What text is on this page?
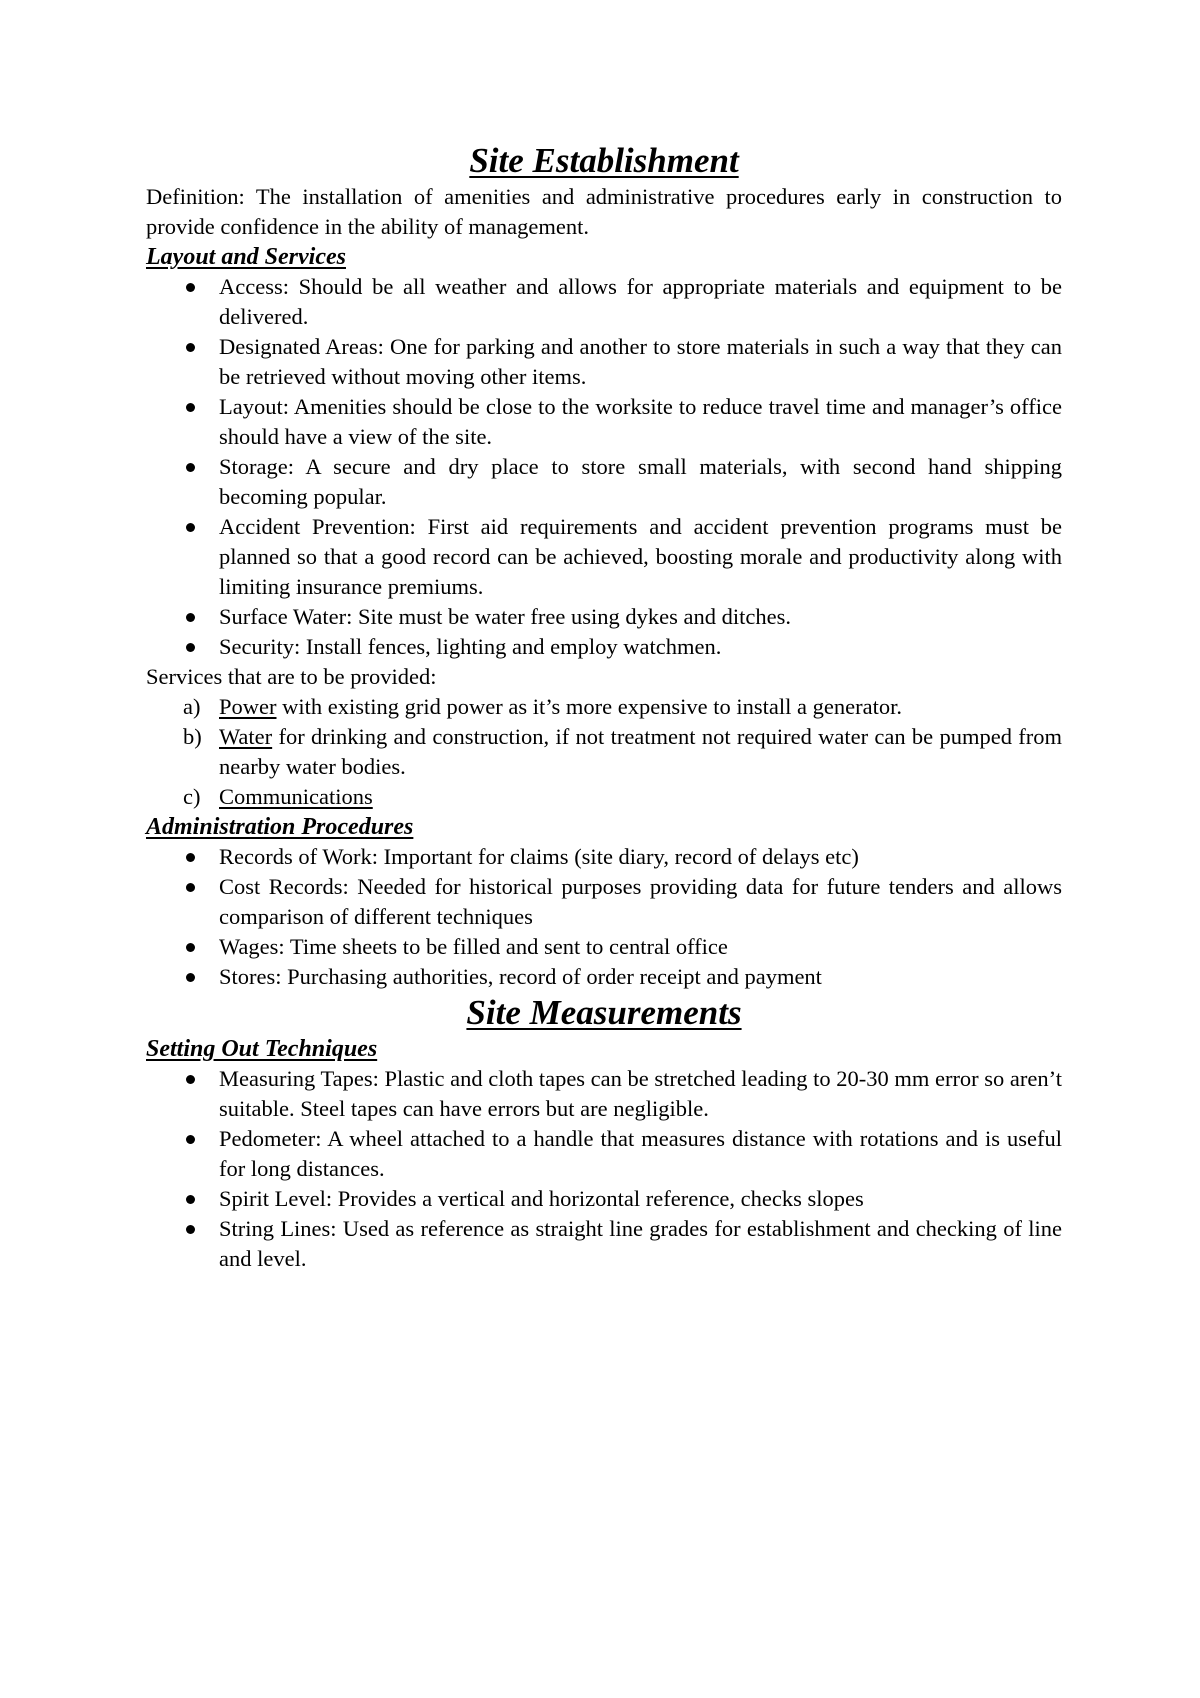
Site Establishment

Definition: The installation of amenities and administrative procedures early in construction to provide confidence in the ability of management.

Layout and Services
Access: Should be all weather and allows for appropriate materials and equipment to be delivered.
Designated Areas: One for parking and another to store materials in such a way that they can be retrieved without moving other items.
Layout: Amenities should be close to the worksite to reduce travel time and manager’s office should have a view of the site.
Storage: A secure and dry place to store small materials, with second hand shipping becoming popular.
Accident Prevention: First aid requirements and accident prevention programs must be planned so that a good record can be achieved, boosting morale and productivity along with limiting insurance premiums.
Surface Water: Site must be water free using dykes and ditches.
Security: Install fences, lighting and employ watchmen.

Services that are to be provided:

a) Power with existing grid power as it’s more expensive to install a generator.
b) Water for drinking and construction, if not treatment not required water can be pumped from nearby water bodies.
c) Communications
Administration Procedures
Records of Work: Important for claims (site diary, record of delays etc)
Cost Records: Needed for historical purposes providing data for future tenders and allows comparison of different techniques
Wages: Time sheets to be filled and sent to central office
Stores: Purchasing authorities, record of order receipt and payment
Site Measurements
Setting Out Techniques
Measuring Tapes: Plastic and cloth tapes can be stretched leading to 20-30 mm error so aren’t suitable. Steel tapes can have errors but are negligible.
Pedometer: A wheel attached to a handle that measures distance with rotations and is useful for long distances.
Spirit Level: Provides a vertical and horizontal reference, checks slopes
String Lines: Used as reference as straight line grades for establishment and checking of line and level.
